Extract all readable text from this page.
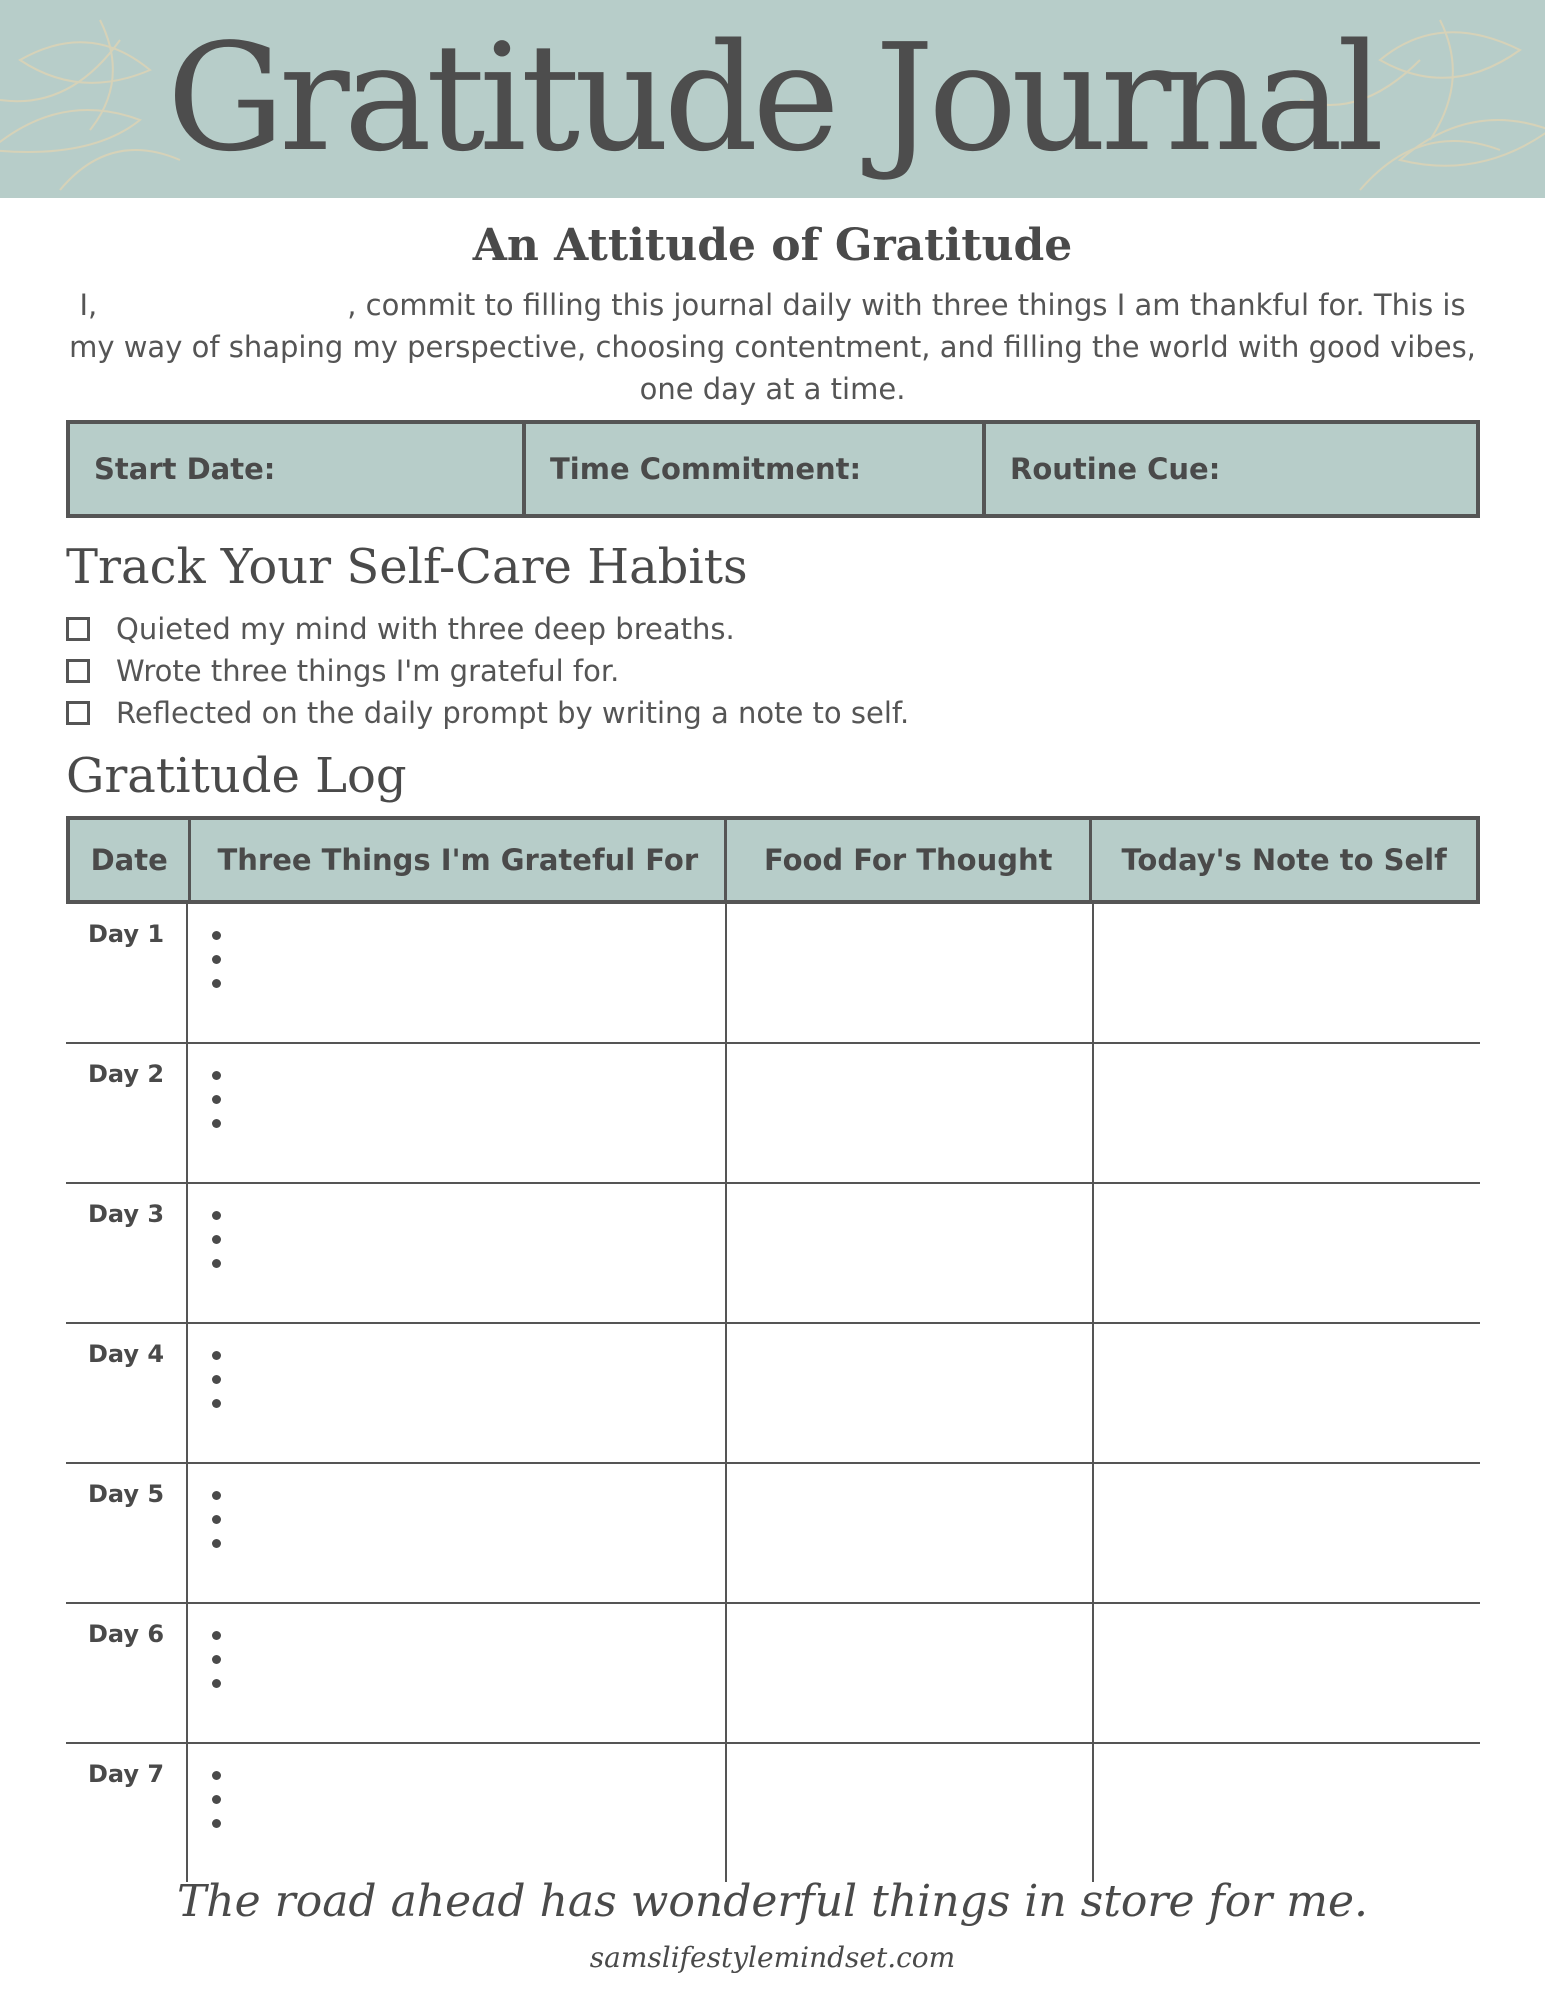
Gratitude Journal
An Attitude of Gratitude
I,	, commit to filling this journal daily with three things I am thankful for. This is my way of shaping my perspective, choosing contentment, and filling the world with good vibes, one day at a time.
Start Date:	Time Commitment:	Routine Cue:
Track Your Self-Care Habits
Quieted my mind with three deep breaths.
Wrote three things I'm grateful for.
Reflected on the daily prompt by writing a note to self.
Gratitude Log
Date	Three Things I'm Grateful For	Food For Thought	Today's Note to Self
Day 1
Day 2
Day 3
Day 4
Day 5
Day 6
Day 7
The road ahead has wonderful things in store for me.
samslifestylemindset.com
